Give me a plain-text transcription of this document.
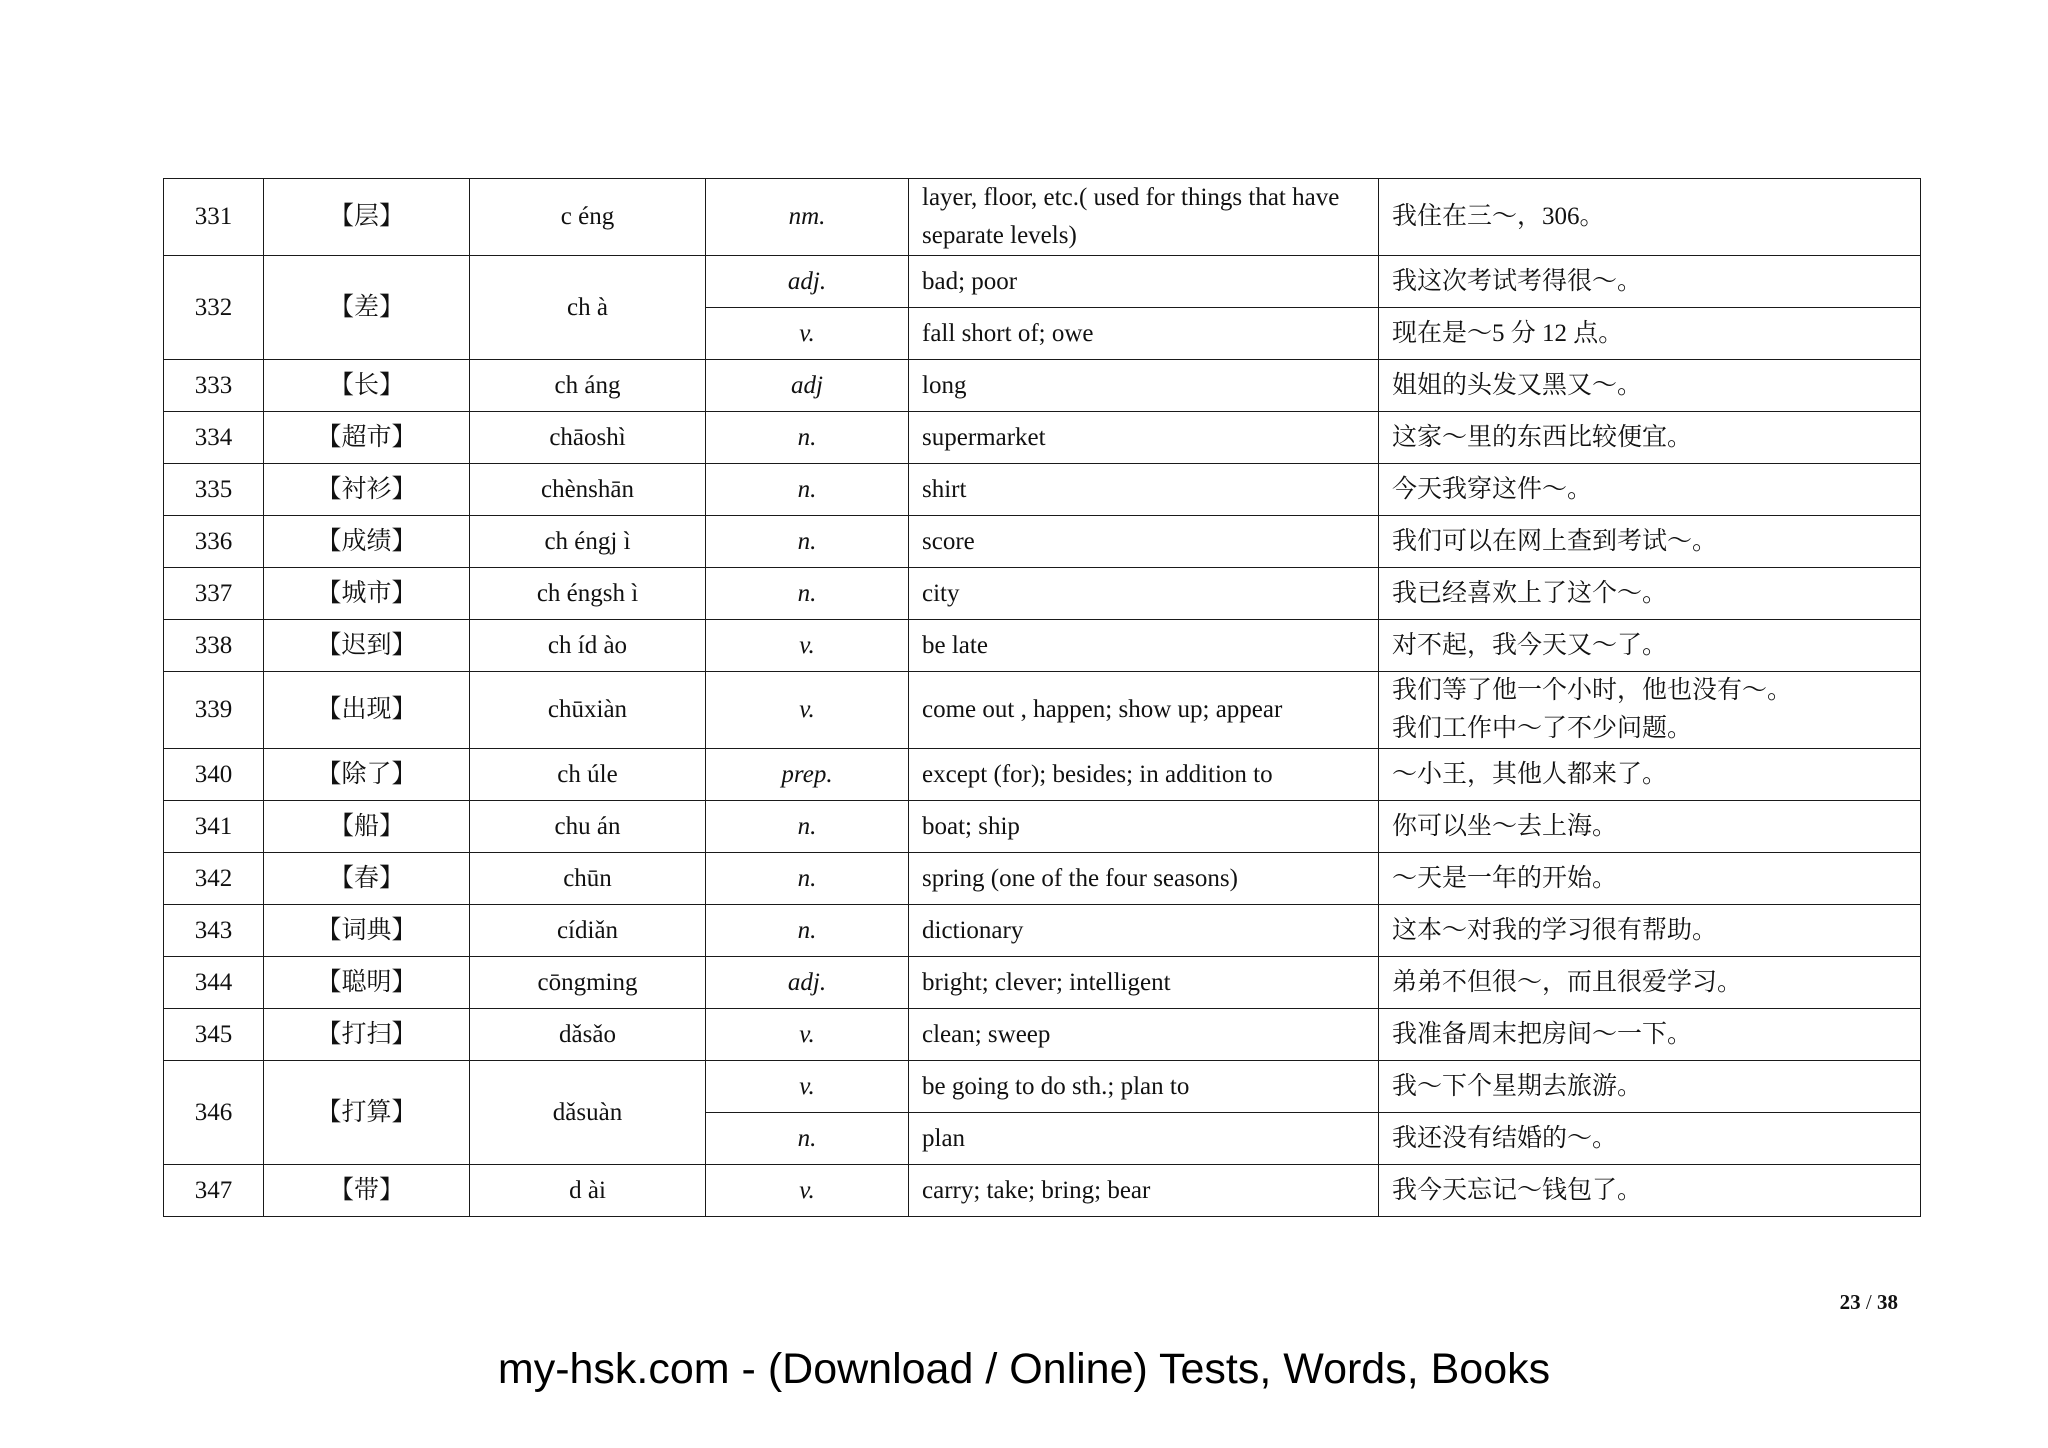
331	【层】	c éng	nm.	layer, floor, etc.( used for things that have separate levels)	我住在三～，306。

332	【差】	ch à	adj.	bad; poor	我这次考试考得很～。

			v.	fall short of; owe	现在是～5 分 12 点。

333	【长】	ch áng	adj	long	姐姐的头发又黑又～。

334	【超市】	chāoshì	n.	supermarket	这家～里的东西比较便宜。

335	【衬衫】	chènshān	n.	shirt	今天我穿这件～。

336	【成绩】	ch éngj ì	n.	score	我们可以在网上查到考试～。

337	【城市】	ch éngsh ì	n.	city	我已经喜欢上了这个～。

338	【迟到】	ch íd ào	v.	be late	对不起，我今天又～了。

339	【出现】	chūxiàn	v.	come out , happen; show up; appear	我们等了他一个小时，他也没有～。
我们工作中～了不少问题。

340	【除了】	ch úle	prep.	except (for); besides; in addition to	～小王，其他人都来了。

341	【船】	chu án	n.	boat; ship	你可以坐～去上海。

342	【春】	chūn	n.	spring (one of the four seasons)	～天是一年的开始。

343	【词典】	cídiǎn	n.	dictionary	这本～对我的学习很有帮助。

344	【聪明】	cōngming	adj.	bright; clever; intelligent	弟弟不但很～，而且很爱学习。

345	【打扫】	dǎsǎo	v.	clean; sweep	我准备周末把房间～一下。

346	【打算】	dǎsuàn	v.	be going to do sth.; plan to	我～下个星期去旅游。

			n.	plan	我还没有结婚的～。

347	【带】	d ài	v.	carry; take; bring; bear	我今天忘记～钱包了。
23 / 38
my-hsk.com - (Download / Online) Tests, Words, Books
